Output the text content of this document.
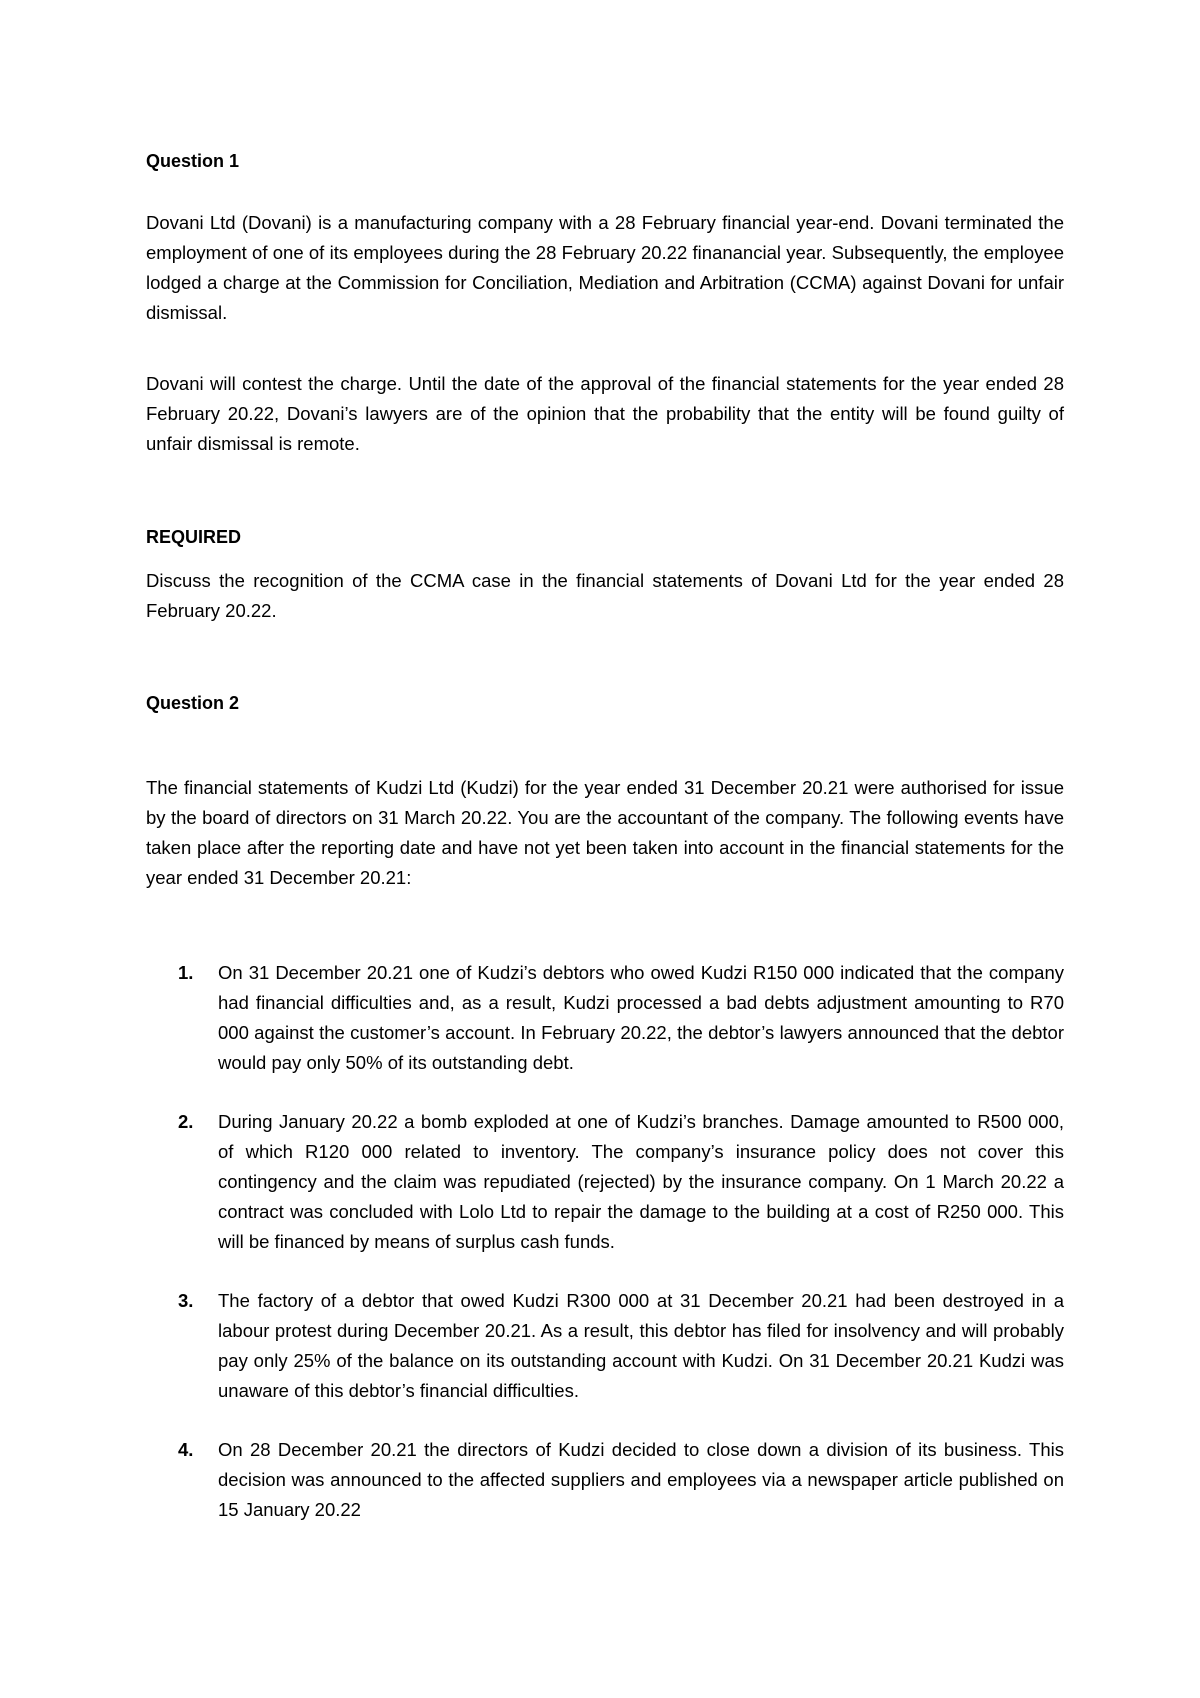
Question 1

Dovani Ltd (Dovani) is a manufacturing company with a 28 February financial year-end. Dovani terminated the employment of one of its employees during the 28 February 20.22 finanancial year. Subsequently, the employee lodged a charge at the Commission for Conciliation, Mediation and Arbitration (CCMA) against Dovani for unfair dismissal.

Dovani will contest the charge. Until the date of the approval of the financial statements for the year ended 28 February 20.22, Dovani’s lawyers are of the opinion that the probability that the entity will be found guilty of unfair dismissal is remote.

REQUIRED

Discuss the recognition of the CCMA case in the financial statements of Dovani Ltd for the year ended 28 February 20.22.

Question 2

The financial statements of Kudzi Ltd (Kudzi) for the year ended 31 December 20.21 were authorised for issue by the board of directors on 31 March 20.22. You are the accountant of the company. The following events have taken place after the reporting date and have not yet been taken into account in the financial statements for the year ended 31 December 20.21:

1. On 31 December 20.21 one of Kudzi’s debtors who owed Kudzi R150 000 indicated that the company had financial difficulties and, as a result, Kudzi processed a bad debts adjustment amounting to R70 000 against the customer’s account. In February 20.22, the debtor’s lawyers announced that the debtor would pay only 50% of its outstanding debt.
2. During January 20.22 a bomb exploded at one of Kudzi’s branches. Damage amounted to R500 000, of which R120 000 related to inventory. The company’s insurance policy does not cover this contingency and the claim was repudiated (rejected) by the insurance company. On 1 March 20.22 a contract was concluded with Lolo Ltd to repair the damage to the building at a cost of R250 000. This will be financed by means of surplus cash funds.
3. The factory of a debtor that owed Kudzi R300 000 at 31 December 20.21 had been destroyed in a labour protest during December 20.21. As a result, this debtor has filed for insolvency and will probably pay only 25% of the balance on its outstanding account with Kudzi. On 31 December 20.21 Kudzi was unaware of this debtor’s financial difficulties.
4. On 28 December 20.21 the directors of Kudzi decided to close down a division of its business. This decision was announced to the affected suppliers and employees via a newspaper article published on 15 January 20.22
